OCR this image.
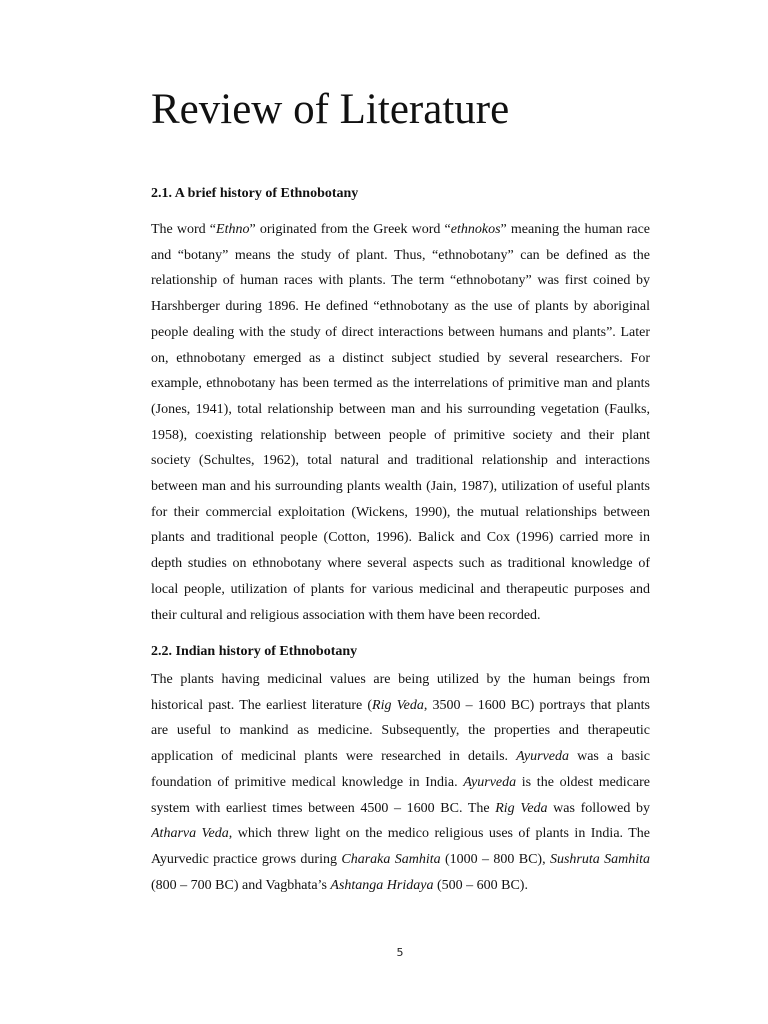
Review of Literature
2.1. A brief history of Ethnobotany
The word “Ethno” originated from the Greek word “ethnokos” meaning the human race
and “botany” means the study of plant. Thus, “ethnobotany” can be defined as the
relationship of human races with plants. The term “ethnobotany” was first coined by
Harshberger during 1896. He defined “ethnobotany as the use of plants by aboriginal
people dealing with the study of direct interactions between humans and plants”. Later
on, ethnobotany emerged as a distinct subject studied by several researchers. For
example, ethnobotany has been termed as the interrelations of primitive man and plants
(Jones, 1941), total relationship between man and his surrounding vegetation (Faulks,
1958), coexisting relationship between people of primitive society and their plant
society (Schultes, 1962), total natural and traditional relationship and interactions
between man and his surrounding plants wealth (Jain, 1987), utilization of useful plants
for their commercial exploitation (Wickens, 1990), the mutual relationships between
plants and traditional people (Cotton, 1996). Balick and Cox (1996) carried more in
depth studies on ethnobotany where several aspects such as traditional knowledge of
local people, utilization of plants for various medicinal and therapeutic purposes and
their cultural and religious association with them have been recorded.
2.2. Indian history of Ethnobotany
The plants having medicinal values are being utilized by the human beings from
historical past. The earliest literature (Rig Veda, 3500 – 1600 BC) portrays that plants
are useful to mankind as medicine. Subsequently, the properties and therapeutic
application of medicinal plants were researched in details. Ayurveda was a basic
foundation of primitive medical knowledge in India. Ayurveda is the oldest medicare
system with earliest times between 4500 – 1600 BC. The Rig Veda was followed by
Atharva Veda, which threw light on the medico religious uses of plants in India. The
Ayurvedic practice grows during Charaka Samhita (1000 – 800 BC), Sushruta Samhita
(800 – 700 BC) and Vagbhata’s Ashtanga Hridaya (500 – 600 BC).
5
